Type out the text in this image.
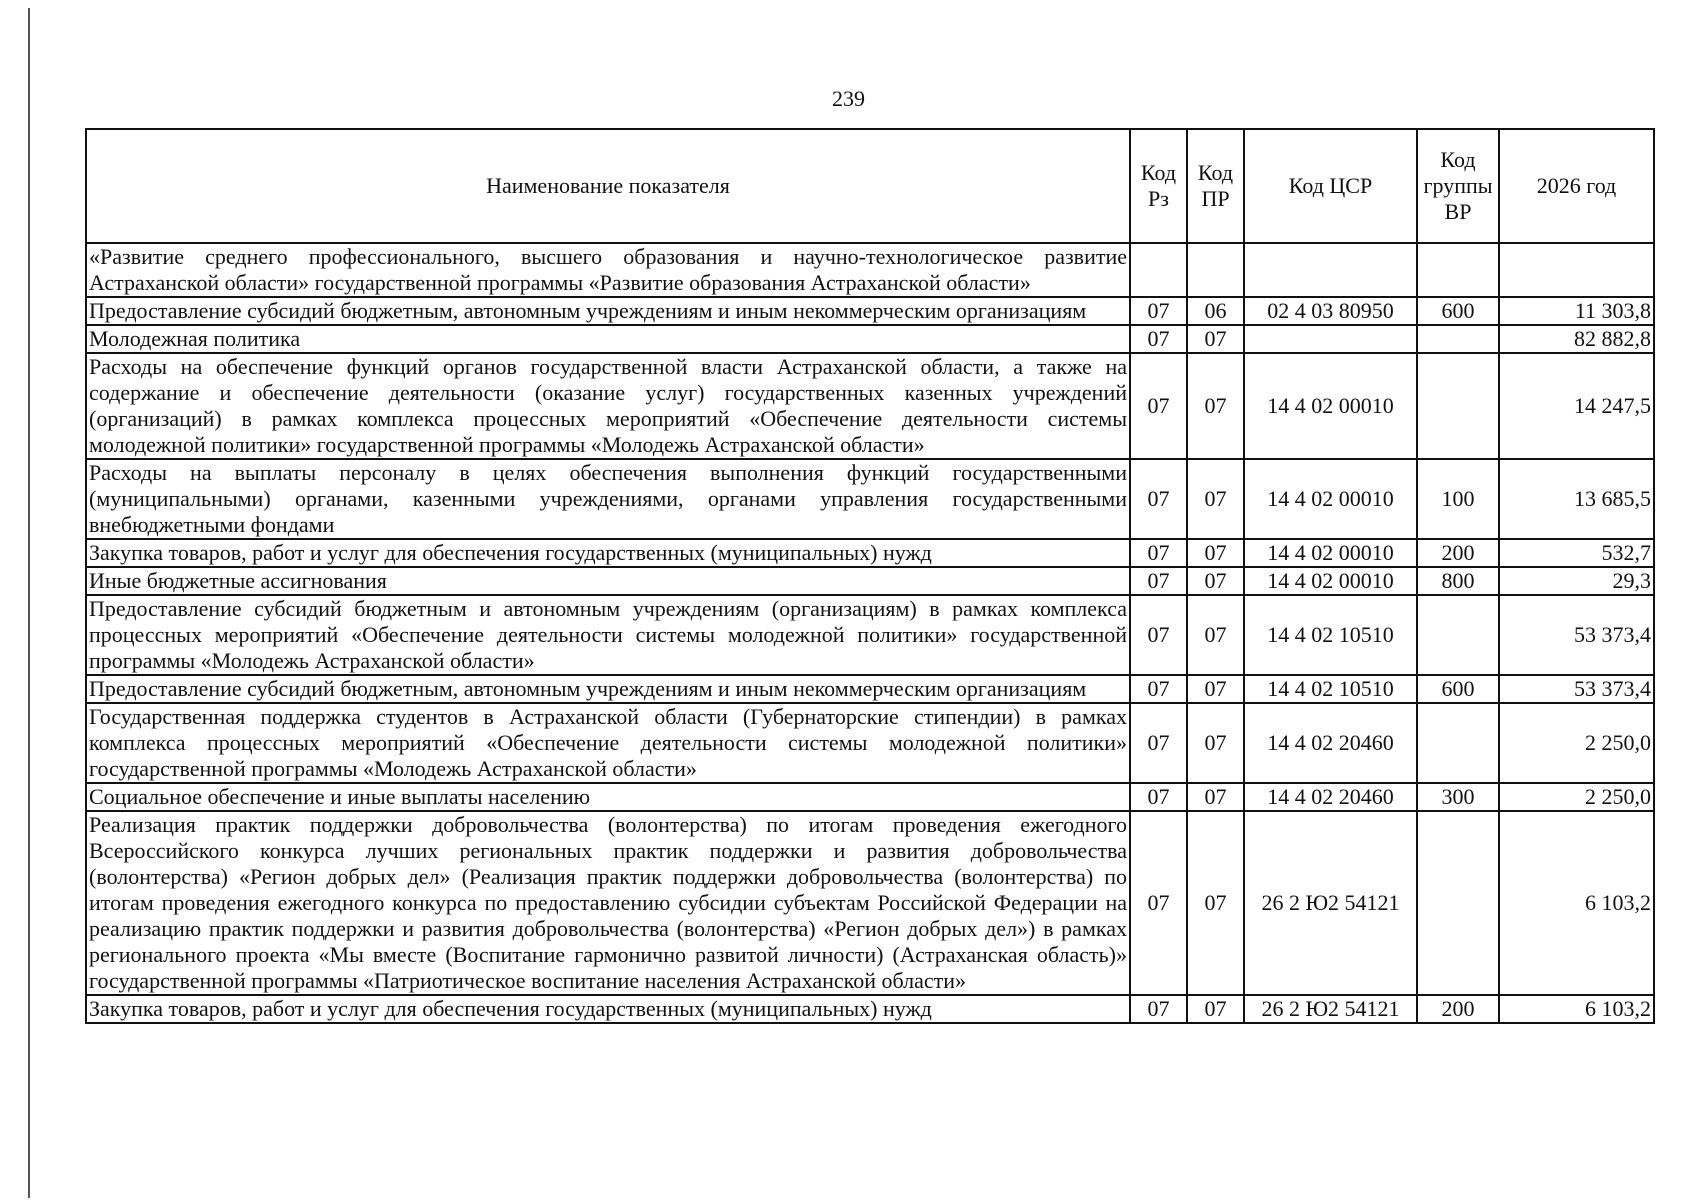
239
Наименование показателя	Код Рз	Код ПР	Код ЦСР	Код группы ВР	2026 год
«Развитие среднего профессионального, высшего образования и научно-технологическое развитие Астраханской области» государственной программы «Развитие образования Астраханской области»					
Предоставление субсидий бюджетным, автономным учреждениям и иным некоммерческим организациям	07	06	02 4 03 80950	600	11 303,8
Молодежная политика	07	07			82 882,8
Расходы на обеспечение функций органов государственной власти Астраханской области, а также на содержание и обеспечение деятельности (оказание услуг) государственных казенных учреждений (организаций) в рамках комплекса процессных мероприятий «Обеспечение деятельности системы молодежной политики» государственной программы «Молодежь Астраханской области»	07	07	14 4 02 00010		14 247,5
Расходы на выплаты персоналу в целях обеспечения выполнения функций государственными (муниципальными) органами, казенными учреждениями, органами управления государственными внебюджетными фондами	07	07	14 4 02 00010	100	13 685,5
Закупка товаров, работ и услуг для обеспечения государственных (муниципальных) нужд	07	07	14 4 02 00010	200	532,7
Иные бюджетные ассигнования	07	07	14 4 02 00010	800	29,3
Предоставление субсидий бюджетным и автономным учреждениям (организациям) в рамках комплекса процессных мероприятий «Обеспечение деятельности системы молодежной политики» государственной программы «Молодежь Астраханской области»	07	07	14 4 02 10510		53 373,4
Предоставление субсидий бюджетным, автономным учреждениям и иным некоммерческим организациям	07	07	14 4 02 10510	600	53 373,4
Государственная поддержка студентов в Астраханской области (Губернаторские стипендии) в рамках комплекса процессных мероприятий «Обеспечение деятельности системы молодежной политики» государственной программы «Молодежь Астраханской области»	07	07	14 4 02 20460		2 250,0
Социальное обеспечение и иные выплаты населению	07	07	14 4 02 20460	300	2 250,0
Реализация практик поддержки добровольчества (волонтерства) по итогам проведения ежегодного Всероссийского конкурса лучших региональных практик поддержки и развития добровольчества (волонтерства) «Регион добрых дел» (Реализация практик поддержки добровольчества (волонтерства) по итогам проведения ежегодного конкурса по предоставлению субсидии субъектам Российской Федерации на реализацию практик поддержки и развития добровольчества (волонтерства) «Регион добрых дел») в рамках регионального проекта «Мы вместе (Воспитание гармонично развитой личности) (Астраханская область)» государственной программы «Патриотическое воспитание населения Астраханской области»	07	07	26 2 Ю2 54121		6 103,2
Закупка товаров, работ и услуг для обеспечения государственных (муниципальных) нужд	07	07	26 2 Ю2 54121	200	6 103,2
